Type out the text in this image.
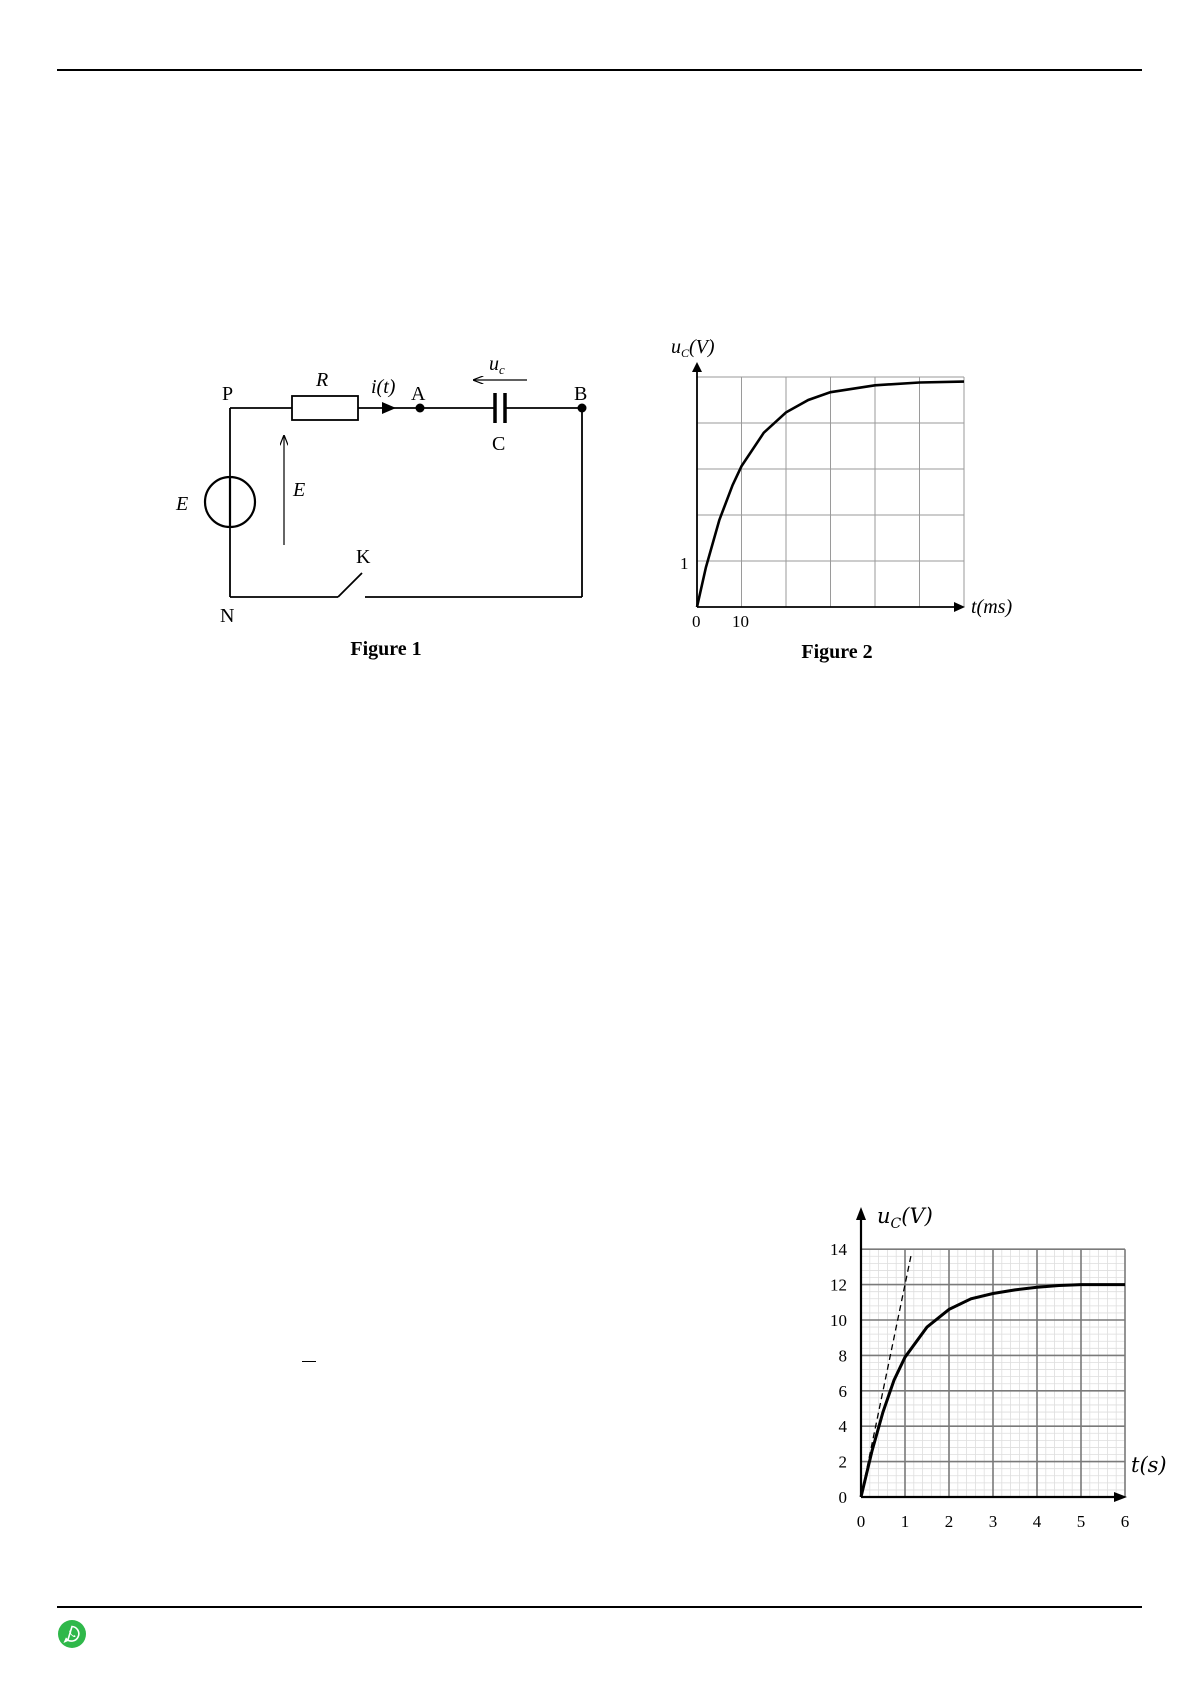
P
N
A	B
C
K
R
E
E
i(t)
$u_c$
Figure 1
$u_C(V)$
t(ms)
1
0 10
Figure 2
0
2
4
6
8
10
12
14
0 1 2 3 4 5 6
$u_C(V)$
t(s)
